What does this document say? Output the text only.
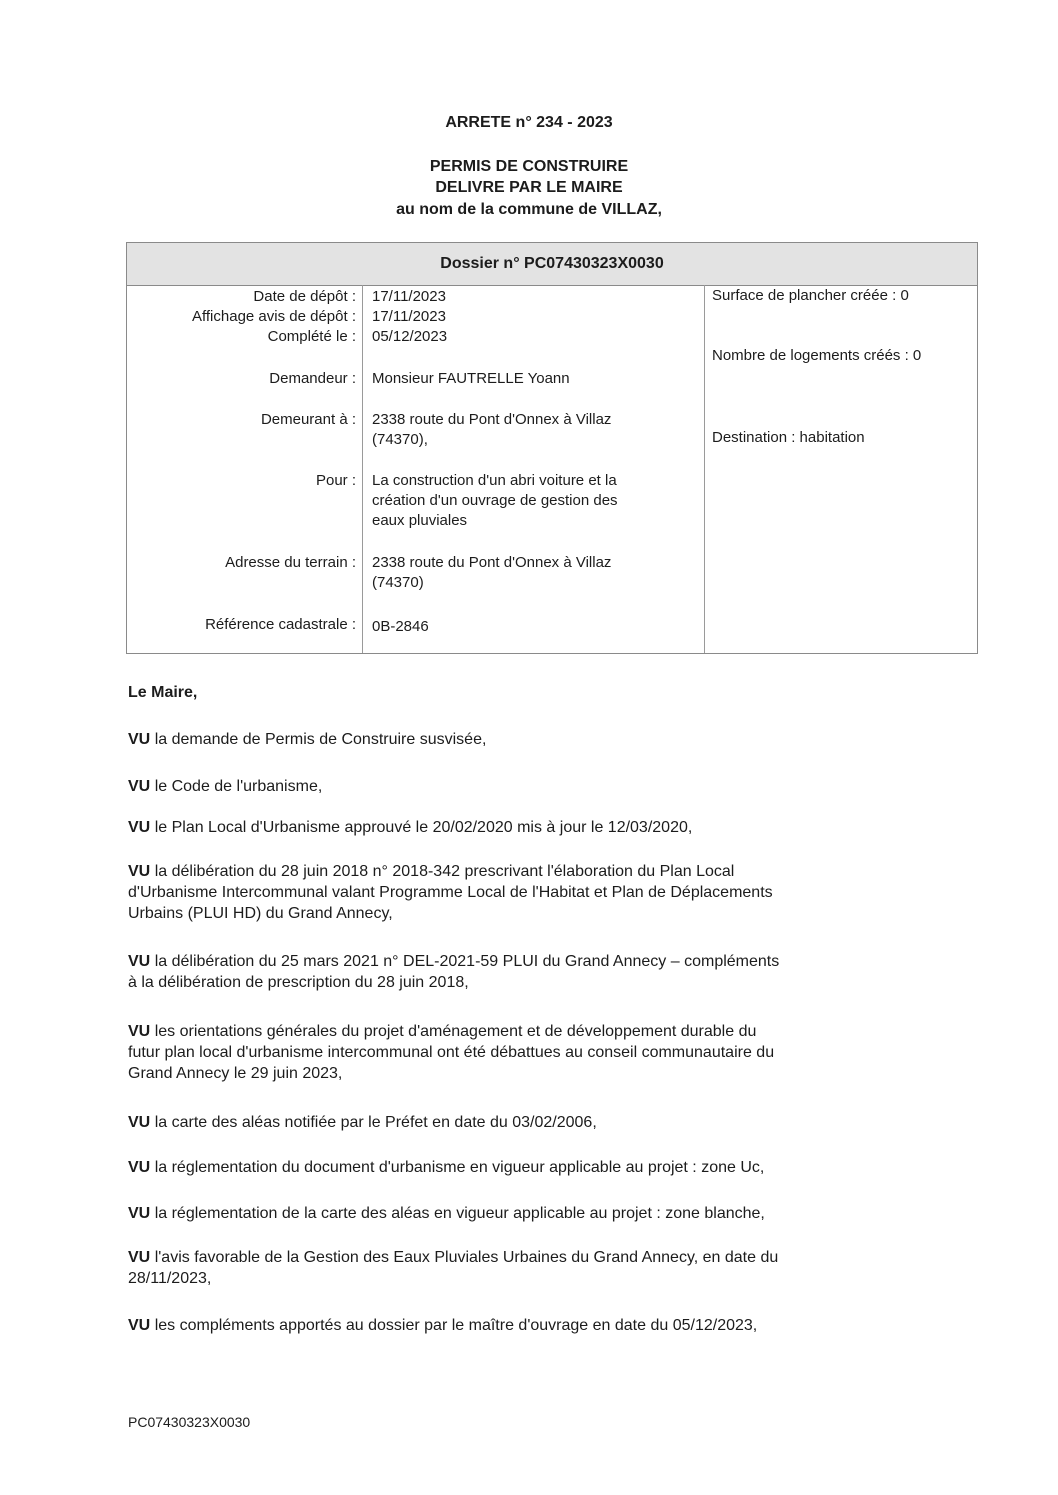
ARRETE n° 234 - 2023
PERMIS DE CONSTRUIRE
DELIVRE PAR LE MAIRE
au nom de la commune de VILLAZ,
Dossier n° PC07430323X0030
Date de dépôt :
Affichage avis de dépôt :
Complété le :
Demandeur :
Demeurant à :
Pour :
Adresse du terrain :
Référence cadastrale :
17/11/2023
17/11/2023
05/12/2023
Monsieur FAUTRELLE Yoann
2338 route du Pont d'Onnex à Villaz
(74370),
La construction d'un abri voiture et la
création d'un ouvrage de gestion des
eaux pluviales
2338 route du Pont d'Onnex à Villaz
(74370)
0B-2846
Surface de plancher créée : 0
Nombre de logements créés : 0
Destination : habitation
Le Maire,
VU la demande de Permis de Construire susvisée,
VU le Code de l'urbanisme,
VU le Plan Local d'Urbanisme approuvé le 20/02/2020 mis à jour le 12/03/2020,
VU la délibération du 28 juin 2018 n° 2018-342 prescrivant l'élaboration du Plan Local
d'Urbanisme Intercommunal valant Programme Local de l'Habitat et Plan de Déplacements
Urbains (PLUI HD) du Grand Annecy,
VU la délibération du 25 mars 2021 n° DEL-2021-59 PLUI du Grand Annecy – compléments
à la délibération de prescription du 28 juin 2018,
VU les orientations générales du projet d'aménagement et de développement durable du
futur plan local d'urbanisme intercommunal ont été débattues au conseil communautaire du
Grand Annecy le 29 juin 2023,
VU la carte des aléas notifiée par le Préfet en date du 03/02/2006,
VU la réglementation du document d'urbanisme en vigueur applicable au projet : zone Uc,
VU la réglementation de la carte des aléas en vigueur applicable au projet : zone blanche,
VU l'avis favorable de la Gestion des Eaux Pluviales Urbaines du Grand Annecy, en date du
28/11/2023,
VU les compléments apportés au dossier par le maître d'ouvrage en date du 05/12/2023,
PC07430323X0030
